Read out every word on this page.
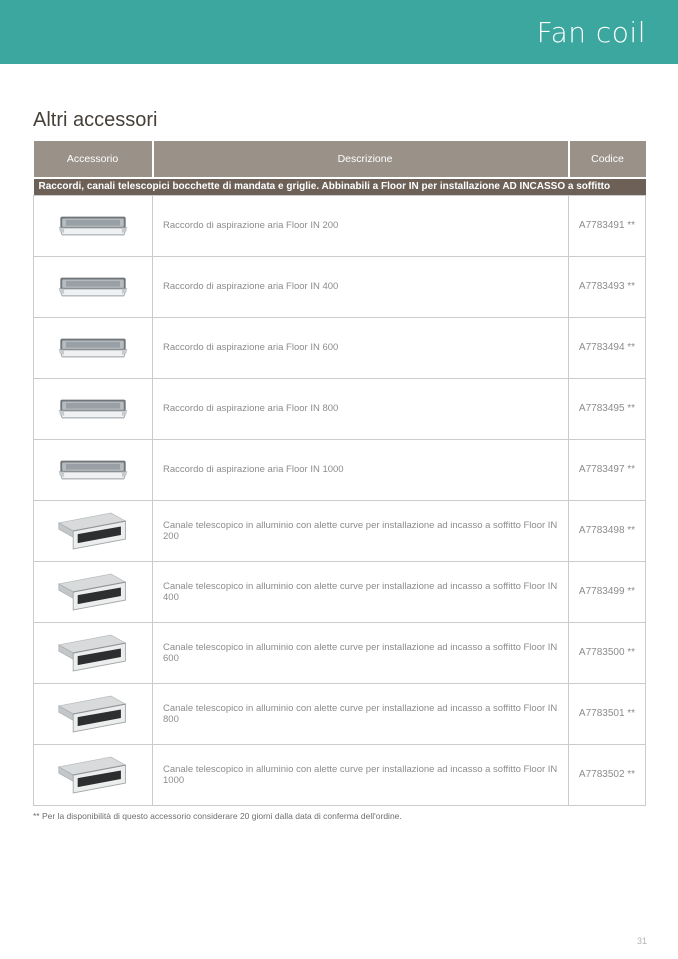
Fan coil
Altri accessori
Accessorio	Descrizione	Codice
Raccordi, canali telescopici bocchette di mandata e griglie. Abbinabili a Floor IN per installazione AD INCASSO a soffitto		
	Raccordo di aspirazione aria Floor IN 200	A7783491 **
	Raccordo di aspirazione aria Floor IN 400	A7783493 **
	Raccordo di aspirazione aria Floor IN 600	A7783494 **
	Raccordo di aspirazione aria Floor IN 800	A7783495 **
	Raccordo di aspirazione aria Floor IN 1000	A7783497 **
	Canale telescopico in alluminio con alette curve per installazione ad incasso a soffitto Floor IN 200	A7783498 **
	Canale telescopico in alluminio con alette curve per installazione ad incasso a soffitto Floor IN 400	A7783499 **
	Canale telescopico in alluminio con alette curve per installazione ad incasso a soffitto Floor IN 600	A7783500 **
	Canale telescopico in alluminio con alette curve per installazione ad incasso a soffitto Floor IN 800	A7783501 **
	Canale telescopico in alluminio con alette curve per installazione ad incasso a soffitto Floor IN 1000	A7783502 **
** Per la disponibilità di questo accessorio considerare 20 giorni dalla data di conferma dell'ordine.
31
